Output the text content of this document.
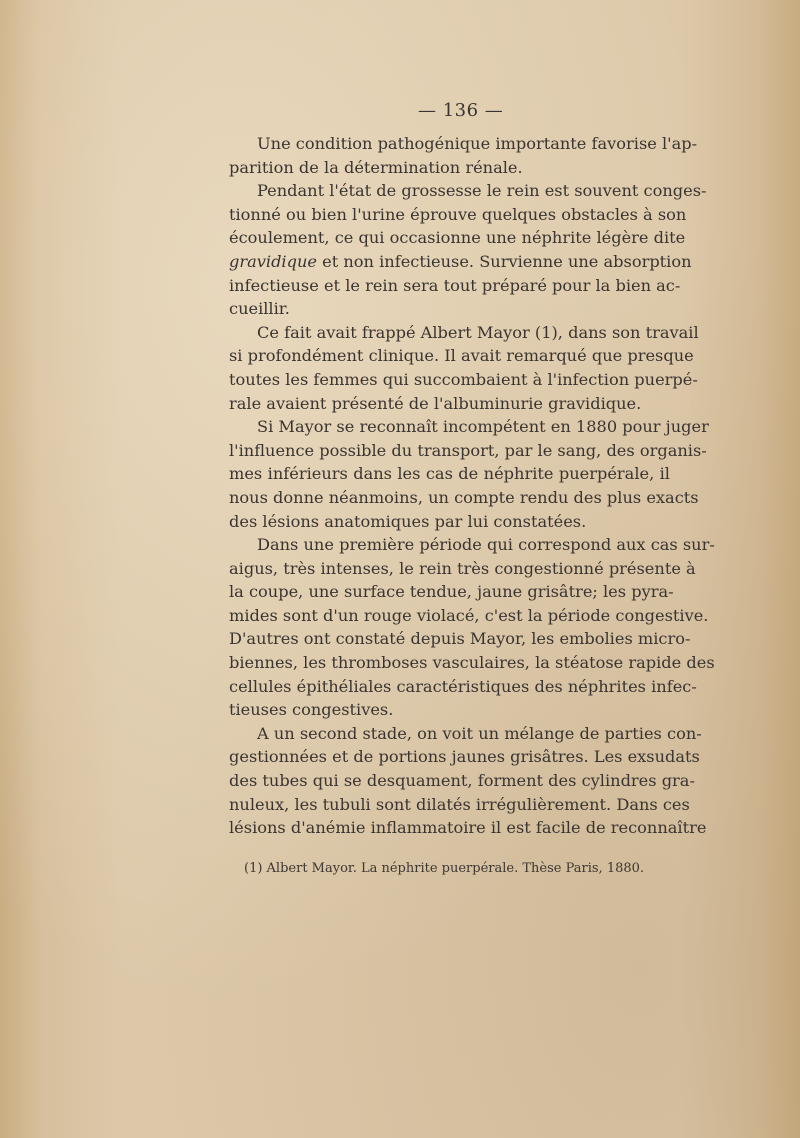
— 136 —
Une condition pathogénique importante favorise l'ap-
parition de la détermination rénale.
Pendant l'état de grossesse le rein est souvent conges-
tionné ou bien l'urine éprouve quelques obstacles à son
écoulement, ce qui occasionne une néphrite légère dite
gravidique et non infectieuse. Survienne une absorption
infectieuse et le rein sera tout préparé pour la bien ac-
cueillir.
Ce fait avait frappé Albert Mayor (1), dans son travail
si profondément clinique. Il avait remarqué que presque
toutes les femmes qui succombaient à l'infection puerpé-
rale avaient présenté de l'albuminurie gravidique.
Si Mayor se reconnaît incompétent en 1880 pour juger
l'influence possible du transport, par le sang, des organis-
mes inférieurs dans les cas de néphrite puerpérale, il
nous donne néanmoins, un compte rendu des plus exacts
des lésions anatomiques par lui constatées.
Dans une première période qui correspond aux cas sur-
aigus, très intenses, le rein très congestionné présente à
la coupe, une surface tendue, jaune grisâtre; les pyra-
mides sont d'un rouge violacé, c'est la période congestive.
D'autres ont constaté depuis Mayor, les embolies micro-
biennes, les thromboses vasculaires, la stéatose rapide des
cellules épithéliales caractéristiques des néphrites infec-
tieuses congestives.
A un second stade, on voit un mélange de parties con-
gestionnées et de portions jaunes grisâtres. Les exsudats
des tubes qui se desquament, forment des cylindres gra-
nuleux, les tubuli sont dilatés irrégulièrement. Dans ces
lésions d'anémie inflammatoire il est facile de reconnaître
(1) Albert Mayor. La néphrite puerpérale. Thèse Paris, 1880.
